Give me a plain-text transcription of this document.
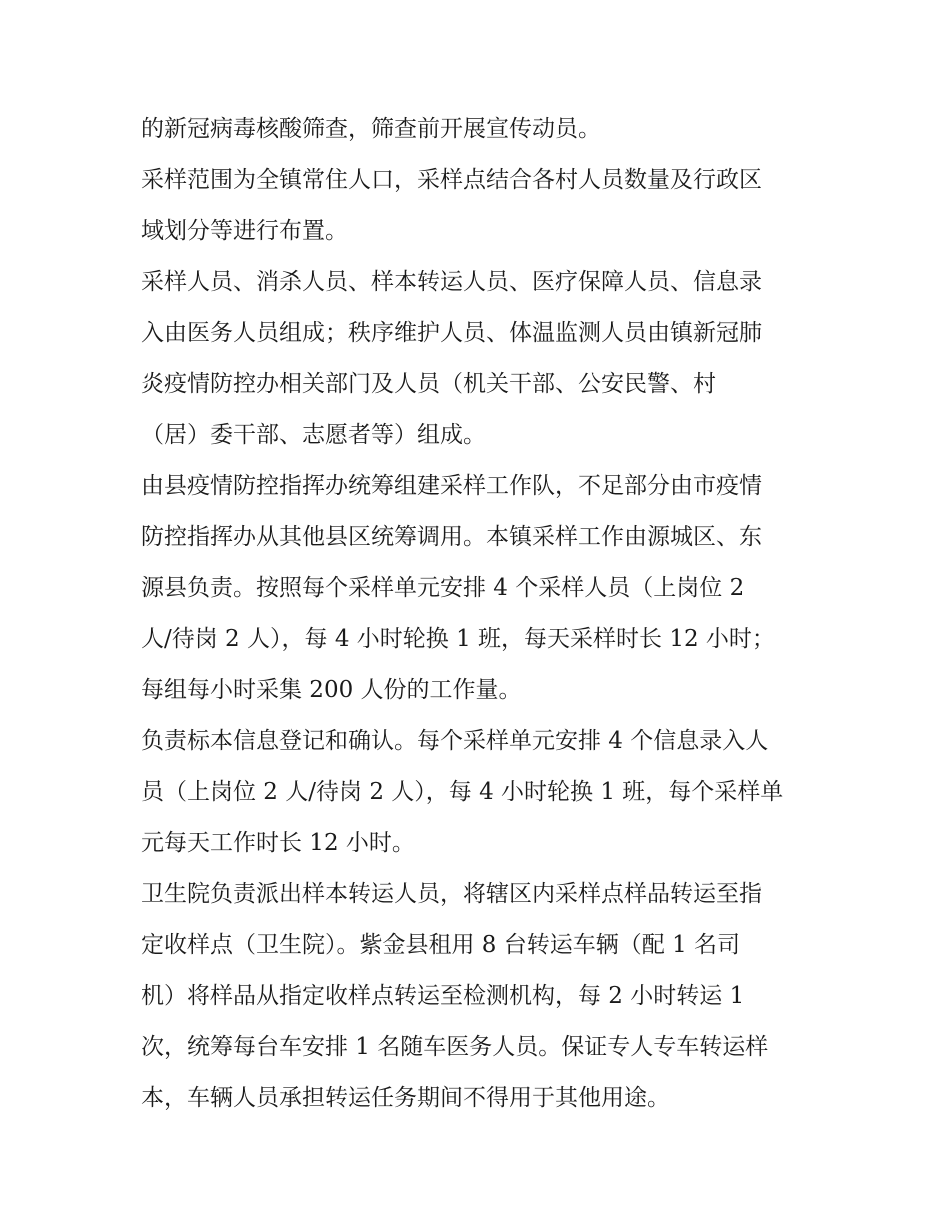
的新冠病毒核酸筛查，筛查前开展宣传动员。
采样范围为全镇常住人口，采样点结合各村人员数量及行政区
域划分等进行布置。
采样人员、消杀人员、样本转运人员、医疗保障人员、信息录
入由医务人员组成；秩序维护人员、体温监测人员由镇新冠肺
炎疫情防控办相关部门及人员（机关干部、公安民警、村
（居）委干部、志愿者等）组成。
由县疫情防控指挥办统筹组建采样工作队，不足部分由市疫情
防控指挥办从其他县区统筹调用。本镇采样工作由源城区、东
源县负责。按照每个采样单元安排 4 个采样人员（上岗位 2
人/待岗 2 人），每 4 小时轮换 1 班，每天采样时长 12 小时；
每组每小时采集 200 人份的工作量。
负责标本信息登记和确认。每个采样单元安排 4 个信息录入人
员（上岗位 2 人/待岗 2 人），每 4 小时轮换 1 班，每个采样单
元每天工作时长 12 小时。
卫生院负责派出样本转运人员，将辖区内采样点样品转运至指
定收样点（卫生院）。紫金县租用 8 台转运车辆（配 1 名司
机）将样品从指定收样点转运至检测机构，每 2 小时转运 1
次，统筹每台车安排 1 名随车医务人员。保证专人专车转运样
本，车辆人员承担转运任务期间不得用于其他用途。
